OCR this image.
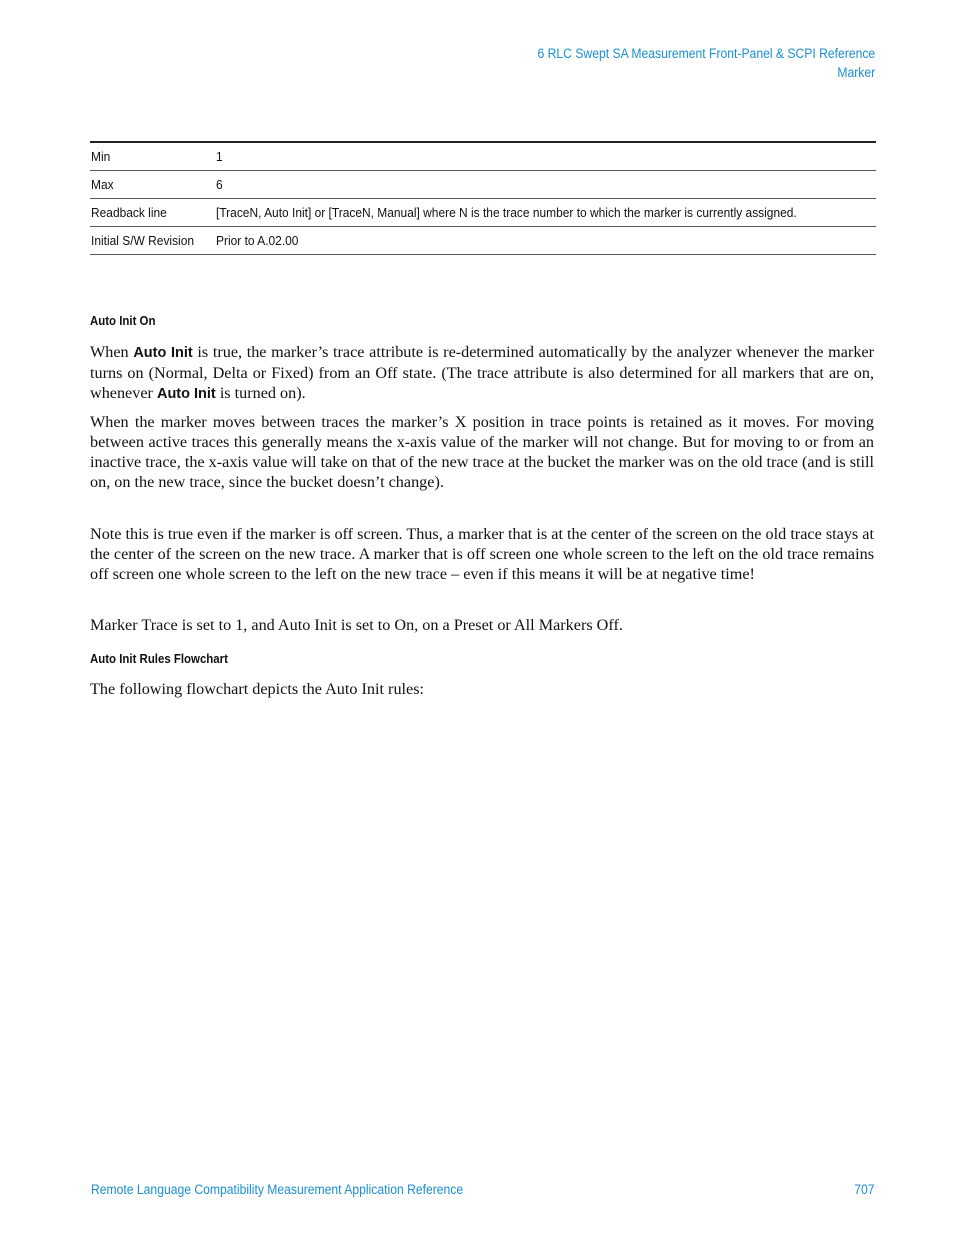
6 RLC Swept SA Measurement Front-Panel & SCPI Reference
Marker
Min	1
Max	6
Readback line	[TraceN, Auto Init] or [TraceN, Manual] where N is the trace number to which the marker is currently assigned.
Initial S/W Revision	Prior to A.02.00
Auto Init On

When Auto Init is true, the marker’s trace attribute is re-determined automatically by the analyzer whenever the marker turns on (Normal, Delta or Fixed) from an Off state. (The trace attribute is also determined for all markers that are on, whenever Auto Init is turned on).

When the marker moves between traces the marker’s X position in trace points is retained as it moves. For moving between active traces this generally means the x-axis value of the marker will not change. But for moving to or from an inactive trace, the x-axis value will take on that of the new trace at the bucket the marker was on the old trace (and is still on, on the new trace, since the bucket doesn’t change).

Note this is true even if the marker is off screen. Thus, a marker that is at the center of the screen on the old trace stays at the center of the screen on the new trace. A marker that is off screen one whole screen to the left on the old trace remains off screen one whole screen to the left on the new trace – even if this means it will be at negative time!

Marker Trace is set to 1, and Auto Init is set to On, on a Preset or All Markers Off.

Auto Init Rules Flowchart

The following flowchart depicts the Auto Init rules:

Remote Language Compatibility Measurement Application Reference	707
